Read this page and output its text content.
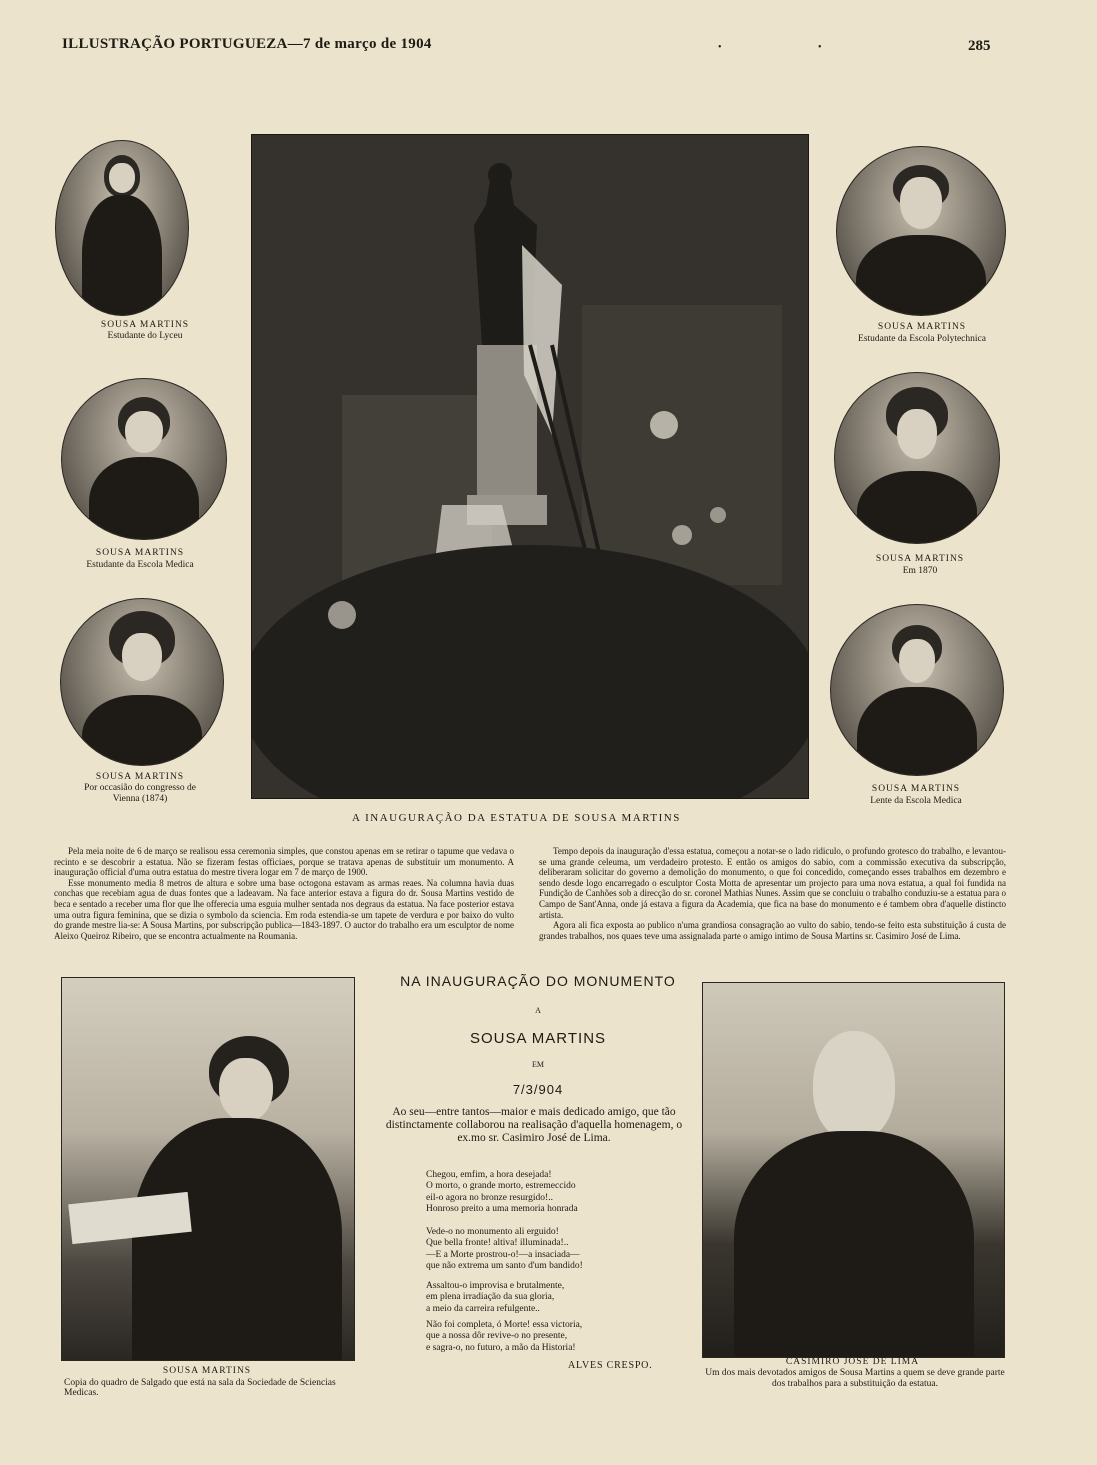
ILLUSTRAÇÃO PORTUGUEZA—7 de março de 1904	•	•	285
SOUSA MARTINS
Estudante do Lyceu
SOUSA MARTINS
Estudante da Escola Medica
SOUSA MARTINS
Por occasião do congresso de Vienna (1874)
A INAUGURAÇÃO DA ESTATUA DE SOUSA MARTINS
SOUSA MARTINS
Estudante da Escola Polytechnica
SOUSA MARTINS
Em 1870
SOUSA MARTINS
Lente da Escola Medica

Pela meia noite de 6 de março se realisou essa ceremonia simples, que constou apenas em se retirar o tapume que vedava o recinto e se descobrir a estatua. Não se fizeram festas officiaes, porque se tratava apenas de substituir um monumento. A inauguração official d'uma outra estatua do mestre tivera logar em 7 de março de 1900.

Esse monumento media 8 metros de altura e sobre uma base octogona estavam as armas reaes. Na columna havia duas conchas que recebiam agua de duas fontes que a ladeavam. Na face anterior estava a figura do dr. Sousa Martins vestido de beca e sentado a receber uma flor que lhe offerecia uma esguia mulher sentada nos degraus da estatua. Na face posterior estava uma outra figura feminina, que se dizia o symbolo da sciencia. Em roda estendia-se um tapete de verdura e por baixo do vulto do grande mestre lia-se: A Sousa Martins, por subscripção publica—1843-1897. O auctor do trabalho era um esculptor de nome Aleixo Queiroz Ribeiro, que se encontra actualmente na Roumania.

Tempo depois da inauguração d'essa estatua, começou a notar-se o lado ridiculo, o profundo grotesco do trabalho, e levantou-se uma grande celeuma, um verdadeiro protesto. E então os amigos do sabio, com a commissão executiva da subscripção, deliberaram solicitar do governo a demolição do monumento, o que foi concedido, começando esses trabalhos em dezembro e sendo desde logo encarregado o esculptor Costa Motta de apresentar um projecto para uma nova estatua, a qual foi fundida na Fundição de Canhões sob a direcção do sr. coronel Mathias Nunes. Assim que se concluiu o trabalho conduziu-se a estatua para o Campo de Sant'Anna, onde já estava a figura da Academia, que fica na base do monumento e é tambem obra d'aquelle distincto artista.

Agora ali fica exposta ao publico n'uma grandiosa consagração ao vulto do sabio, tendo-se feito esta substituição á custa de grandes trabalhos, nos quaes teve uma assignalada parte o amigo intimo de Sousa Martins sr. Casimiro José de Lima.

SOUSA MARTINS
Copia do quadro de Salgado que está na sala da Sociedade de Sciencias Medicas.
NA INAUGURAÇÃO DO MONUMENTO
A
SOUSA MARTINS
EM
7/3/904
Ao seu—entre tantos—maior e mais dedicado amigo, que tão distinctamente collaborou na realisação d'aquella homenagem, o ex.mo sr. Casimiro José de Lima.
Chegou, emfim, a hora desejada!
O morto, o grande morto, estremeccido
eil-o agora no bronze resurgido!..
Honroso preito a uma memoria honrada
Vede-o no monumento ali erguido!
Que bella fronte! altiva! illuminada!..
—E a Morte prostrou-o!—a insaciada—
que não extrema um santo d'um bandido!
Assaltou-o improvisa e brutalmente,
em plena irradiação da sua gloria,
a meio da carreira refulgente..
Não foi completa, ó Morte! essa victoria,
que a nossa dôr revive-o no presente,
e sagra-o, no futuro, a mão da Historia!
ALVES CRESPO.	CASIMIRO JOSÉ DE LIMA
Um dos mais devotados amigos de Sousa Martins a quem se deve grande parte dos trabalhos para a substituição da estatua.
